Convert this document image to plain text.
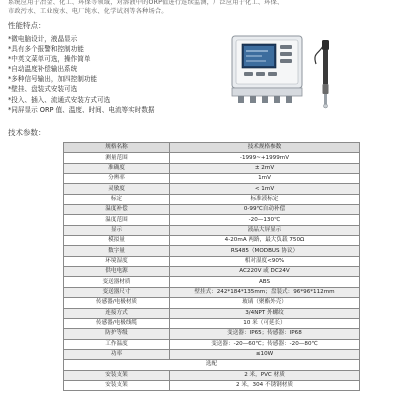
系统应用于冶金、化工、环保等领域，对溶液中的ORP值进行连续监测，广泛应用于化工、环保、
市政污水、工业废水、电厂纯水、化学试剂等各种场合。
性能特点：
*微电脑设计，液晶显示
*具有多个报警和控制功能
*中英文菜单可选，操作简单
*自动温度补偿输出系统
*多种信号输出，加四控制功能
*壁挂、盘装式安装可选
*投入、插入、流通式安装方式可选
*同屏显示 ORP 值、温度、时间、电流等实时数据
技术参数：
规格名称	技术规格参数
测量范围	-1999~+1999mV
准确度	± 2mV
分辨率	1mV
灵敏度	< 1mV
标定	标准液标定
温度补偿	0-99℃自动补偿
温度范围	-20—130℃
显示	液晶大屏显示
模拟量	4-20mA 两路，最大负载 750Ω
数字量	RS485（MODBUS 协议）
环境湿度	相对湿度<90%
供电电源	AC220V 或 DC24V
变送器材质	ABS
变送器尺寸	壁挂式：242*184*135mm；盘装式：96*96*112mm
传感器/电极材质	玻璃（聚酯外壳）
连接方式	3/4NPT 外螺纹
传感器/电极线缆	10 米（可延长）
防护等级	变送器：IP65；传感器：IP68
工作温度	变送器：-20—60℃；传感器：-20—80℃
功率	≤10W
选配	
安装支架	2 米，PVC 材质
安装支架	2 米，304 不锈钢材质
